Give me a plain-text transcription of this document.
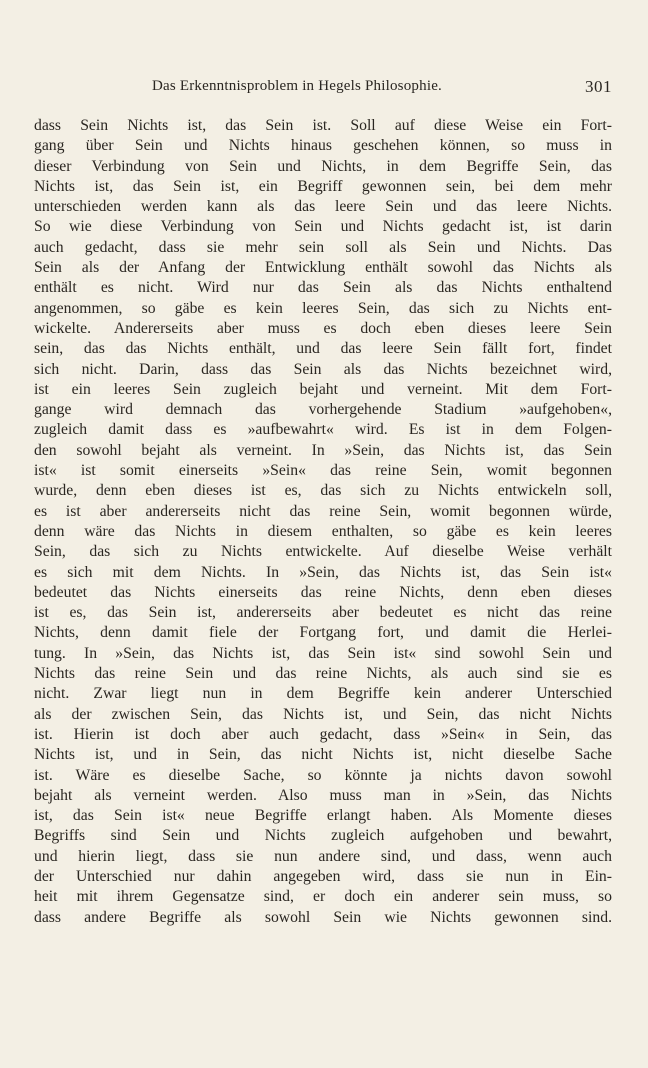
Das Erkenntnisproblem in Hegels Philosophie.	301
dass Sein Nichts ist, das Sein ist. Soll auf diese Weise ein Fort-
gang über Sein und Nichts hinaus geschehen können, so muss in
dieser Verbindung von Sein und Nichts, in dem Begriffe Sein, das
Nichts ist, das Sein ist, ein Begriff gewonnen sein, bei dem mehr
unterschieden werden kann als das leere Sein und das leere Nichts.
So wie diese Verbindung von Sein und Nichts gedacht ist, ist darin
auch gedacht, dass sie mehr sein soll als Sein und Nichts. Das
Sein als der Anfang der Entwicklung enthält sowohl das Nichts als
enthält es nicht. Wird nur das Sein als das Nichts enthaltend
angenommen, so gäbe es kein leeres Sein, das sich zu Nichts ent-
wickelte. Andererseits aber muss es doch eben dieses leere Sein
sein, das das Nichts enthält, und das leere Sein fällt fort, findet
sich nicht. Darin, dass das Sein als das Nichts bezeichnet wird,
ist ein leeres Sein zugleich bejaht und verneint. Mit dem Fort-
gange wird demnach das vorhergehende Stadium »aufgehoben«,
zugleich damit dass es »aufbewahrt« wird. Es ist in dem Folgen-
den sowohl bejaht als verneint. In »Sein, das Nichts ist, das Sein
ist« ist somit einerseits »Sein« das reine Sein, womit begonnen
wurde, denn eben dieses ist es, das sich zu Nichts entwickeln soll,
es ist aber andererseits nicht das reine Sein, womit begonnen würde,
denn wäre das Nichts in diesem enthalten, so gäbe es kein leeres
Sein, das sich zu Nichts entwickelte. Auf dieselbe Weise verhält
es sich mit dem Nichts. In »Sein, das Nichts ist, das Sein ist«
bedeutet das Nichts einerseits das reine Nichts, denn eben dieses
ist es, das Sein ist, andererseits aber bedeutet es nicht das reine
Nichts, denn damit fiele der Fortgang fort, und damit die Herlei-
tung. In »Sein, das Nichts ist, das Sein ist« sind sowohl Sein und
Nichts das reine Sein und das reine Nichts, als auch sind sie es
nicht. Zwar liegt nun in dem Begriffe kein anderer Unterschied
als der zwischen Sein, das Nichts ist, und Sein, das nicht Nichts
ist. Hierin ist doch aber auch gedacht, dass »Sein« in Sein, das
Nichts ist, und in Sein, das nicht Nichts ist, nicht dieselbe Sache
ist. Wäre es dieselbe Sache, so könnte ja nichts davon sowohl
bejaht als verneint werden. Also muss man in »Sein, das Nichts
ist, das Sein ist« neue Begriffe erlangt haben. Als Momente dieses
Begriffs sind Sein und Nichts zugleich aufgehoben und bewahrt,
und hierin liegt, dass sie nun andere sind, und dass, wenn auch
der Unterschied nur dahin angegeben wird, dass sie nun in Ein-
heit mit ihrem Gegensatze sind, er doch ein anderer sein muss, so
dass andere Begriffe als sowohl Sein wie Nichts gewonnen sind.
